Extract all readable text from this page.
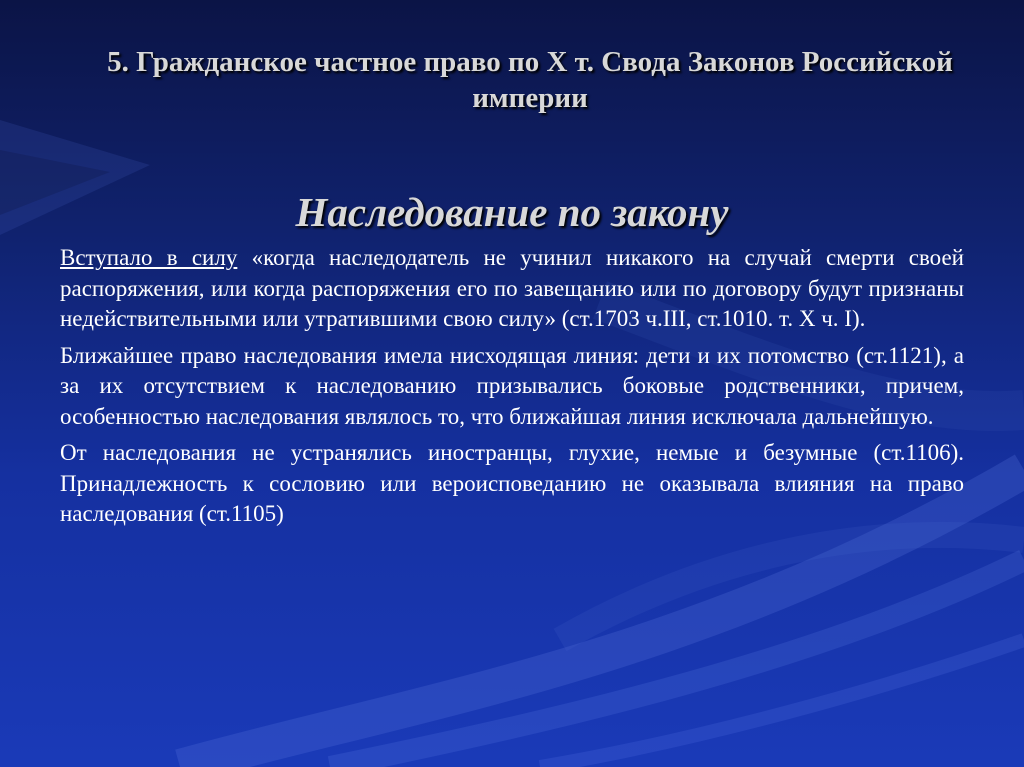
5. Гражданское частное право по Х т. Свода Законов Российской империи
Наследование по закону

Вступало в силу «когда наследодатель не учинил никакого на случай смерти своей распоряжения, или когда распоряжения его по завещанию или по договору будут признаны недействительными или утратившими свою силу» (ст.1703 ч.III, ст.1010. т. Х ч. I).

Ближайшее право наследования имела нисходящая линия: дети и их потомство (ст.1121), а за их отсутствием к наследованию призывались боковые родственники, причем, особенностью наследования являлось то, что ближайшая линия исключала дальнейшую.

От наследования не устранялись иностранцы, глухие, немые и безумные (ст.1106). Принадлежность к сословию или вероисповеданию не оказывала влияния на право наследования (ст.1105)
